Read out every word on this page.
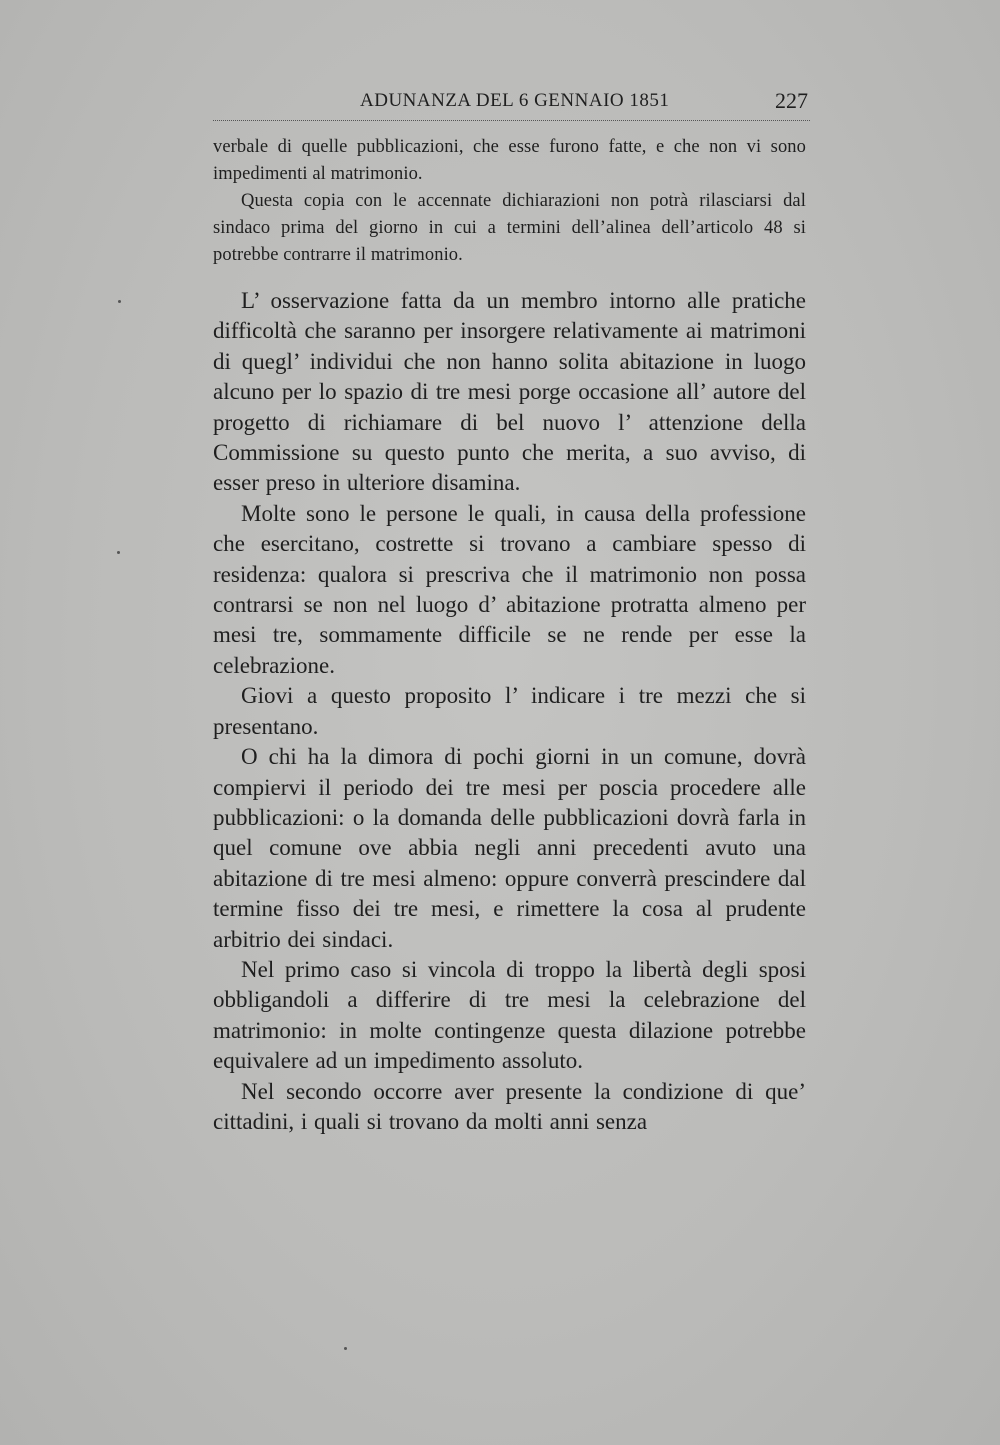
ADUNANZA DEL 6 GENNAIO 1851	227

verbale di quelle pubblicazioni, che esse furono fatte, e che non vi sono impedimenti al matrimonio.

Questa copia con le accennate dichiarazioni non potrà rilasciarsi dal sindaco prima del giorno in cui a termini dell’alinea dell’articolo 48 si potrebbe contrarre il matrimonio.

L’ osservazione fatta da un membro intorno alle pratiche difficoltà che saranno per insorgere relativamente ai matrimoni di quegl’ individui che non hanno solita abitazione in luogo alcuno per lo spazio di tre mesi porge occasione all’ autore del progetto di richiamare di bel nuovo l’ attenzione della Commissione su questo punto che merita, a suo avviso, di esser preso in ulteriore disamina.

Molte sono le persone le quali, in causa della professione che esercitano, costrette si trovano a cambiare spesso di residenza: qualora si prescriva che il matrimonio non possa contrarsi se non nel luogo d’ abitazione protratta almeno per mesi tre, sommamente difficile se ne rende per esse la celebrazione.

Giovi a questo proposito l’ indicare i tre mezzi che si presentano.

O chi ha la dimora di pochi giorni in un comune, dovrà compiervi il periodo dei tre mesi per poscia procedere alle pubblicazioni: o la domanda delle pubblicazioni dovrà farla in quel comune ove abbia negli anni precedenti avuto una abitazione di tre mesi almeno: oppure converrà prescindere dal termine fisso dei tre mesi, e rimettere la cosa al prudente arbitrio dei sindaci.

Nel primo caso si vincola di troppo la libertà degli sposi obbligandoli a differire di tre mesi la celebrazione del matrimonio: in molte contingenze questa dilazione potrebbe equivalere ad un impedimento assoluto.

Nel secondo occorre aver presente la condizione di que’ cittadini, i quali si trovano da molti anni senza
